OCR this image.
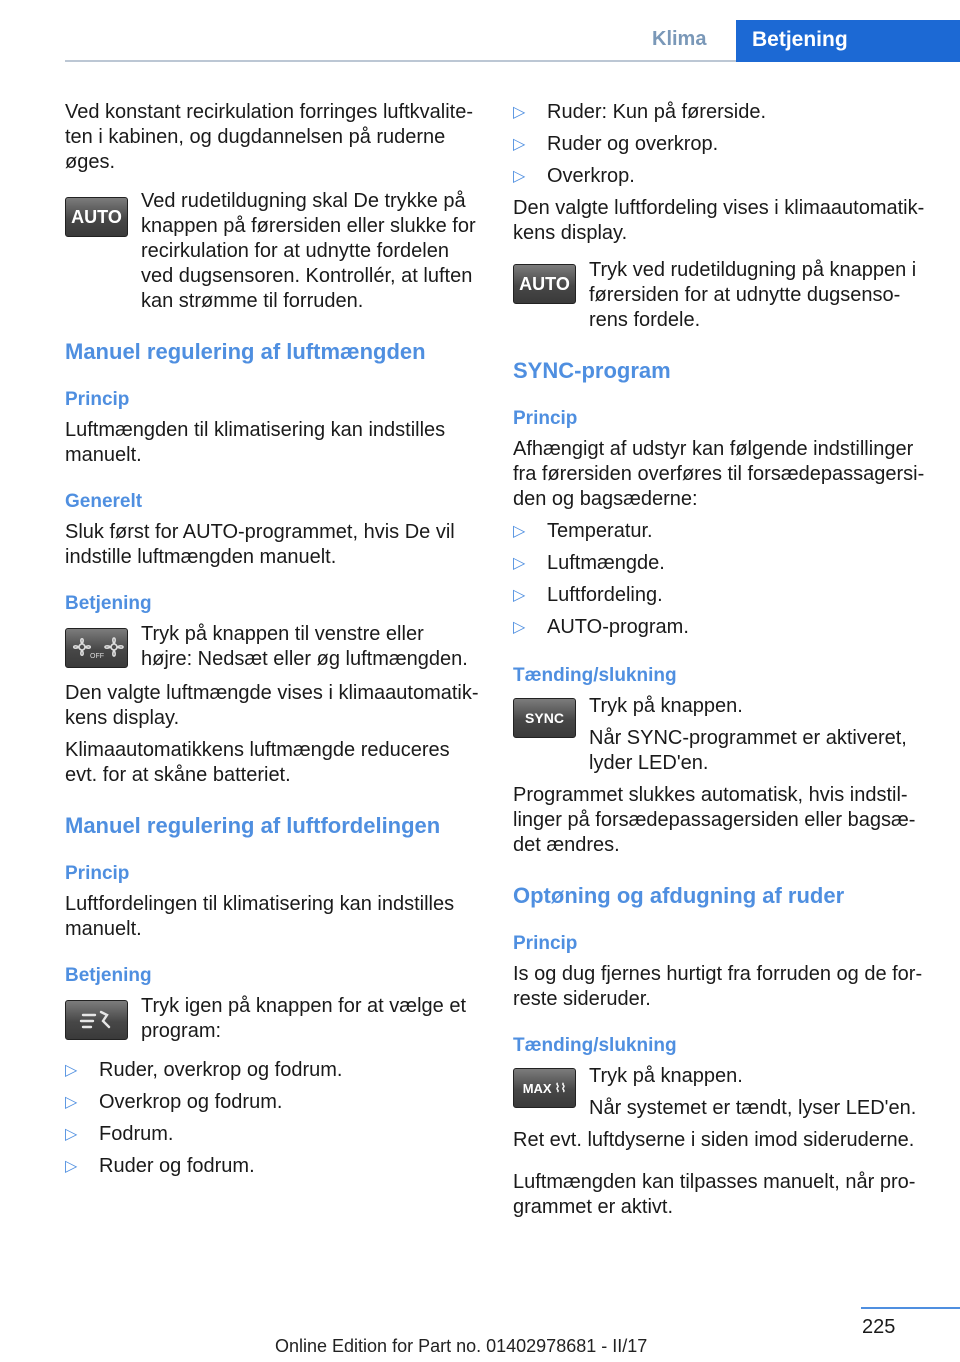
Klima Betjening

Ved konstant recirkulation forringes luftkvaliteten i kabinen, og dugdannelsen på ruderne øges.

AUTO

Ved rudetildugning skal De trykke på knappen på førersiden eller slukke for recirkulation for at udnytte fordelen ved dugsensoren. Kontrollér, at luften kan strømme til forruden.

Manuel regulering af luftmængden

Princip

Luftmængden til klimatisering kan indstilles manuelt.

Generelt

Sluk først for AUTO-programmet, hvis De vil indstille luftmængden manuelt.

Betjening

OFF

Tryk på knappen til venstre eller højre: Nedsæt eller øg luftmængden.

Den valgte luftmængde vises i klimaautomatikkens display.

Klimaautomatikkens luftmængde reduceres evt. for at skåne batteriet.

Manuel regulering af luftfordelingen

Princip

Luftfordelingen til klimatisering kan indstilles manuelt.

Betjening

Tryk igen på knappen for at vælge et program:

▷ Ruder, overkrop og fodrum.
▷ Overkrop og fodrum.
▷ Fodrum.
▷ Ruder og fodrum.
▷ Ruder: Kun på førerside.
▷ Ruder og overkrop.
▷ Overkrop.

Den valgte luftfordeling vises i klimaautomatikkens display.

AUTO

Tryk ved rudetildugning på knappen i førersiden for at udnytte dugsensorens fordele.

SYNC-program

Princip

Afhængigt af udstyr kan følgende indstillinger fra førersiden overføres til forsædepassagersiden og bagsæderne:

▷ Temperatur.
▷ Luftmængde.
▷ Luftfordeling.
▷ AUTO-program.

Tænding/slukning

SYNC

Tryk på knappen.

Når SYNC-programmet er aktiveret, lyder LED'en.

Programmet slukkes automatisk, hvis indstillinger på forsædepassagersiden eller bagsædet ændres.

Optøning og afdugning af ruder

Princip

Is og dug fjernes hurtigt fra forruden og de forreste sideruder.

Tænding/slukning

MAX ⌇⌇

Tryk på knappen.

Når systemet er tændt, lyser LED'en.

Ret evt. luftdyserne i siden imod sideruderne.

Luftmængden kan tilpasses manuelt, når programmet er aktivt.

225
Online Edition for Part no. 01402978681 - II/17
